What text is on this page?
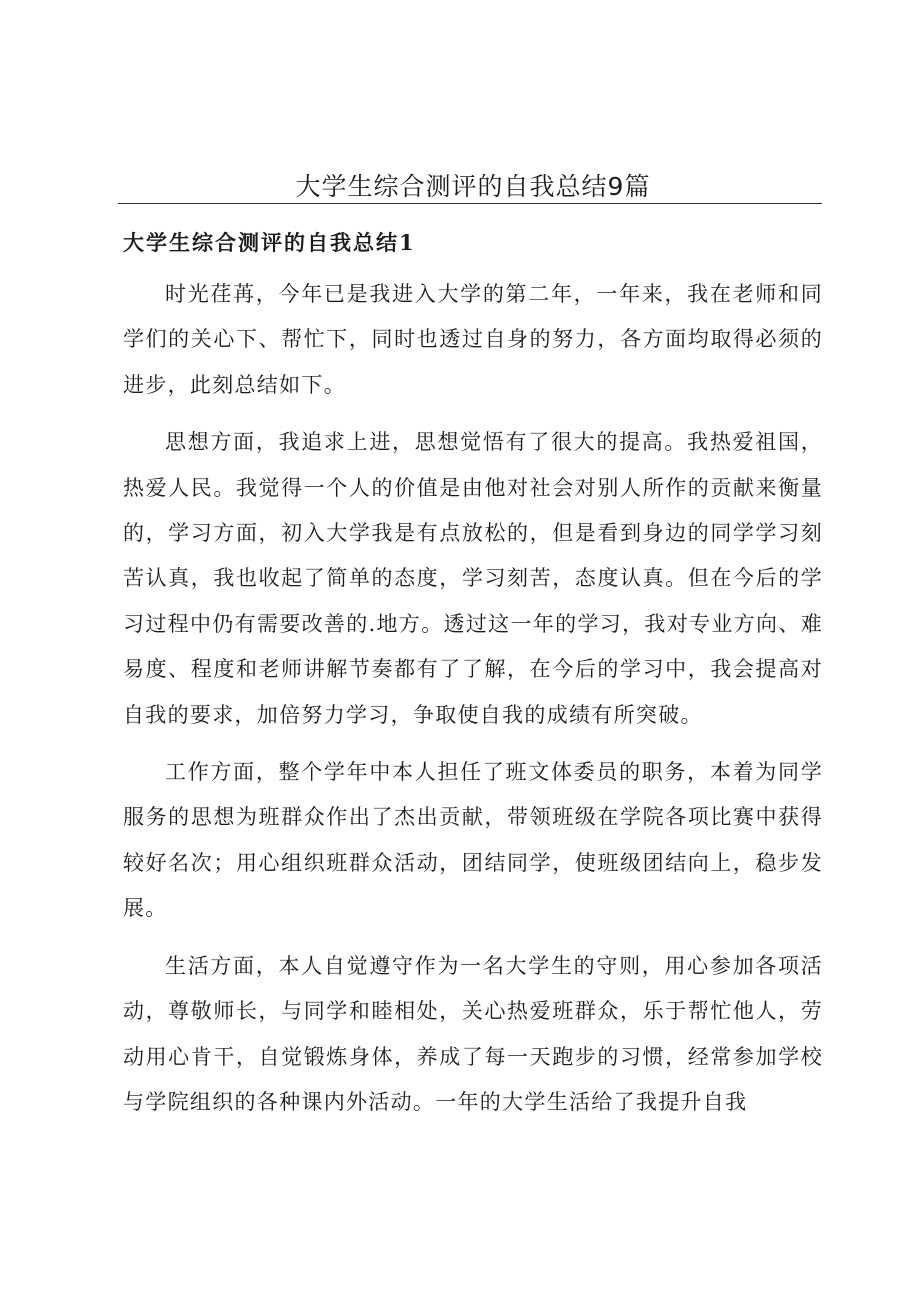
大学生综合测评的自我总结9篇
大学生综合测评的自我总结1

时光荏苒，今年已是我进入大学的第二年，一年来，我在老师和同学们的关心下、帮忙下，同时也透过自身的努力，各方面均取得必须的进步，此刻总结如下。

思想方面，我追求上进，思想觉悟有了很大的提高。我热爱祖国，热爱人民。我觉得一个人的价值是由他对社会对别人所作的贡献来衡量的，学习方面，初入大学我是有点放松的，但是看到身边的同学学习刻苦认真，我也收起了简单的态度，学习刻苦，态度认真。但在今后的学习过程中仍有需要改善的.地方。透过这一年的学习，我对专业方向、难易度、程度和老师讲解节奏都有了了解，在今后的学习中，我会提高对自我的要求，加倍努力学习，争取使自我的成绩有所突破。

工作方面，整个学年中本人担任了班文体委员的职务，本着为同学服务的思想为班群众作出了杰出贡献，带领班级在学院各项比赛中获得较好名次；用心组织班群众活动，团结同学，使班级团结向上，稳步发展。

生活方面，本人自觉遵守作为一名大学生的守则，用心参加各项活动，尊敬师长，与同学和睦相处，关心热爱班群众，乐于帮忙他人，劳动用心肯干，自觉锻炼身体，养成了每一天跑步的习惯，经常参加学校与学院组织的各种课内外活动。一年的大学生活给了我提升自我
